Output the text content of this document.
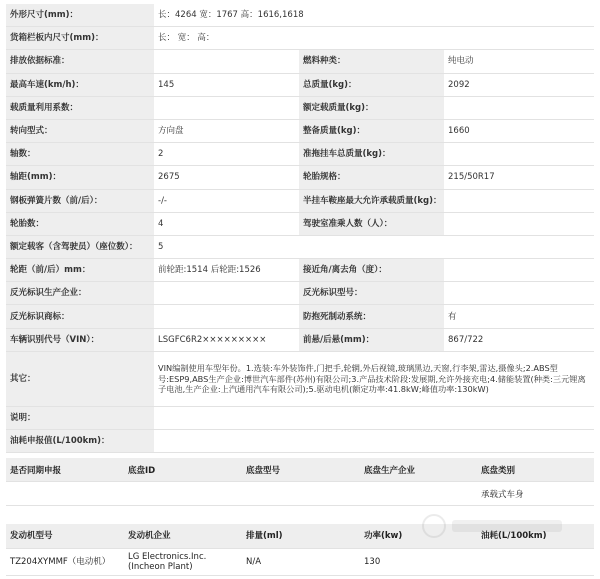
外形尺寸(mm)：	长：4264 宽：1767 高：1616,1618		
货箱栏板内尺寸(mm)：	长： 宽： 高：		
排放依据标准：		燃料种类：	纯电动
最高车速(km/h)：	145	总质量(kg)：	2092
载质量利用系数：		额定载质量(kg)：	
转向型式：	方向盘	整备质量(kg)：	1660
轴数：	2	准拖挂车总质量(kg)：	
轴距(mm)：	2675	轮胎规格：	215/50R17
钢板弹簧片数（前/后）：	-/-	半挂车鞍座最大允许承载质量(kg)：	
轮胎数：	4	驾驶室准乘人数（人）：	
额定载客（含驾驶员）（座位数）：	5		
轮距（前/后）mm：	前轮距:1514 后轮距:1526	接近角/离去角（度）：	
反光标识生产企业：		反光标识型号：	
反光标识商标：		防抱死制动系统：	有
车辆识别代号（VIN）：	LSGFC6R2×××××××××	前悬/后悬(mm)：	867/722
其它：	VIN编制使用车型年份。1.选装:车外装饰件,门把手,轮辋,外后视镜,玻璃黑边,天窗,行李架,雷达,摄像头;2.ABS型号:ESP9,ABS生产企业:博世汽车部件(苏州)有限公司;3.产品技术阶段:发展期,允许外接充电;4.储能装置(种类:三元锂离子电池,生产企业:上汽通用汽车有限公司);5.驱动电机(额定功率:41.8kW;峰值功率:130kW)		
说明：			
油耗申报值(L/100km)：			
是否同期申报	底盘ID	底盘型号	底盘生产企业	底盘类别
				承载式车身
发动机型号	发动机企业	排量(ml)	功率(kw)	油耗(L/100km)
TZ204XYMMF（电动机）	LG Electronics.Inc.(Incheon Plant)	N/A	130	
